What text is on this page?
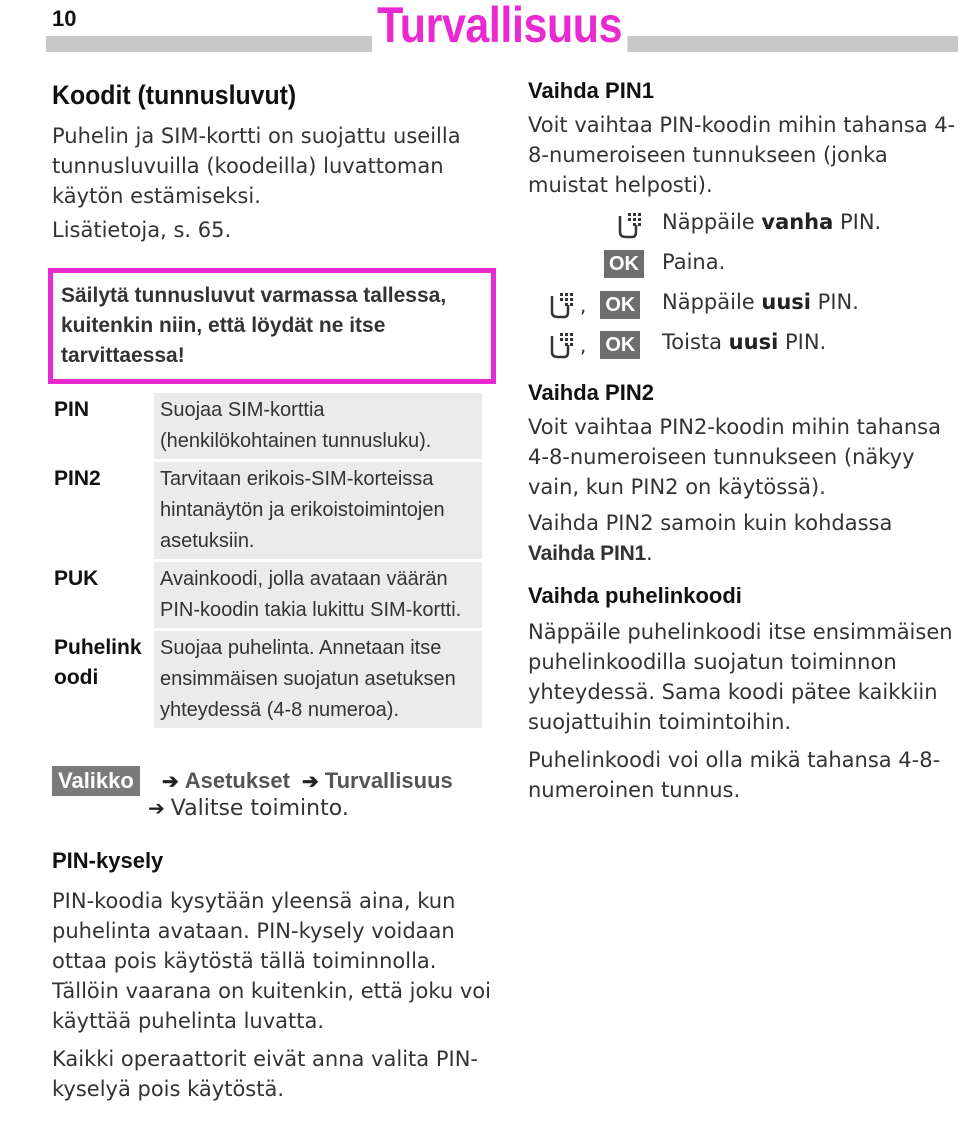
10	Turvallisuus
Koodit (tunnusluvut)

Puhelin ja SIM-kortti on suojattu useilla tunnusluvuilla (koodeilla) luvattoman käytön estämiseksi.

Lisätietoja, s. 65.

Säilytä tunnusluvut varmassa tallessa, kuitenkin niin, että löydät ne itse tarvittaessa!
PIN	Suojaa SIM-korttia (henkilökohtainen tunnusluku).
PIN2	Tarvitaan erikois-SIM-korteissa hintanäytön ja erikoistoimintojen asetuksiin.
PUK	Avainkoodi, jolla avataan väärän PIN-koodin takia lukittu SIM-kortti.
Puhelinkoodi	Suojaa puhelinta. Annetaan itse ensimmäisen suojatun asetuksen yhteydessä (4-8 numeroa).
Valikko ➔ Asetukset ➔ Turvallisuus
➔ Valitse toiminto.
PIN-kysely

PIN-koodia kysytään yleensä aina, kun puhelinta avataan. PIN-kysely voidaan ottaa pois käytöstä tällä toiminnolla. Tällöin vaarana on kuitenkin, että joku voi käyttää puhelinta luvatta.

Kaikki operaattorit eivät anna valita PIN-kyselyä pois käytöstä.

Vaihda PIN1

Voit vaihtaa PIN-koodin mihin tahansa 4-8-numeroiseen tunnukseen (jonka muistat helposti).

Näppäile vanha PIN.
OK Paina.
, OK Näppäile uusi PIN.
, OK Toista uusi PIN.
Vaihda PIN2

Voit vaihtaa PIN2-koodin mihin tahansa 4-8-numeroiseen tunnukseen (näkyy vain, kun PIN2 on käytössä).

Vaihda PIN2 samoin kuin kohdassa Vaihda PIN1.

Vaihda puhelinkoodi

Näppäile puhelinkoodi itse ensimmäisen puhelinkoodilla suojatun toiminnon yhteydessä. Sama koodi pätee kaikkiin suojattuihin toimintoihin.

Puhelinkoodi voi olla mikä tahansa 4-8-numeroinen tunnus.
